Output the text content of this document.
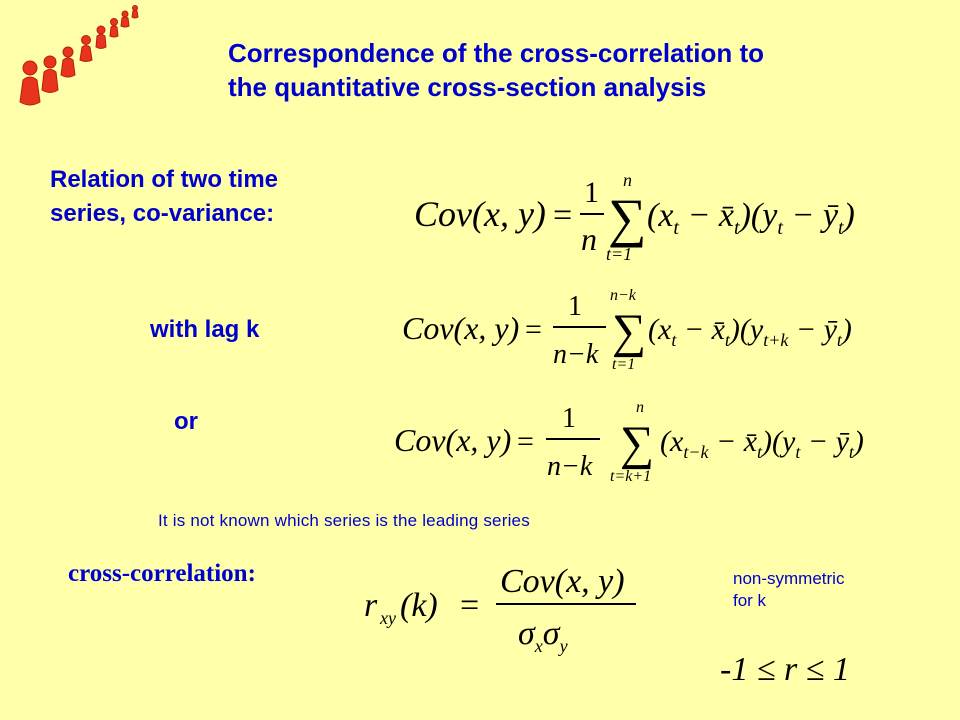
Correspondence of the cross-correlation to
the quantitative cross-section analysis
Relation of two time
series, co-variance:	Cov(x, y) =
1
n
n
∑
t=1
($x_t$ − $x̄_t)(y_t$ − $ȳ_t$)
with lag k	Cov(x, y) =
1
n−k
n−k
∑
t=1
($x_t$ − $x̄_t)(y_{t+k}$ − $ȳ_t$)
or
Cov(x, y) =
1
n−k
n
∑
t=k+1
($x_{t-k}$ − $x̄_t)(y_t$ − $ȳ_t$)
It is not known which series is the leading series
cross-correlation:
r xy (k) =
Cov(x, y)
$\sigma_x\sigma_y$
non-symmetric
for k
-1 ≤ r ≤ 1
